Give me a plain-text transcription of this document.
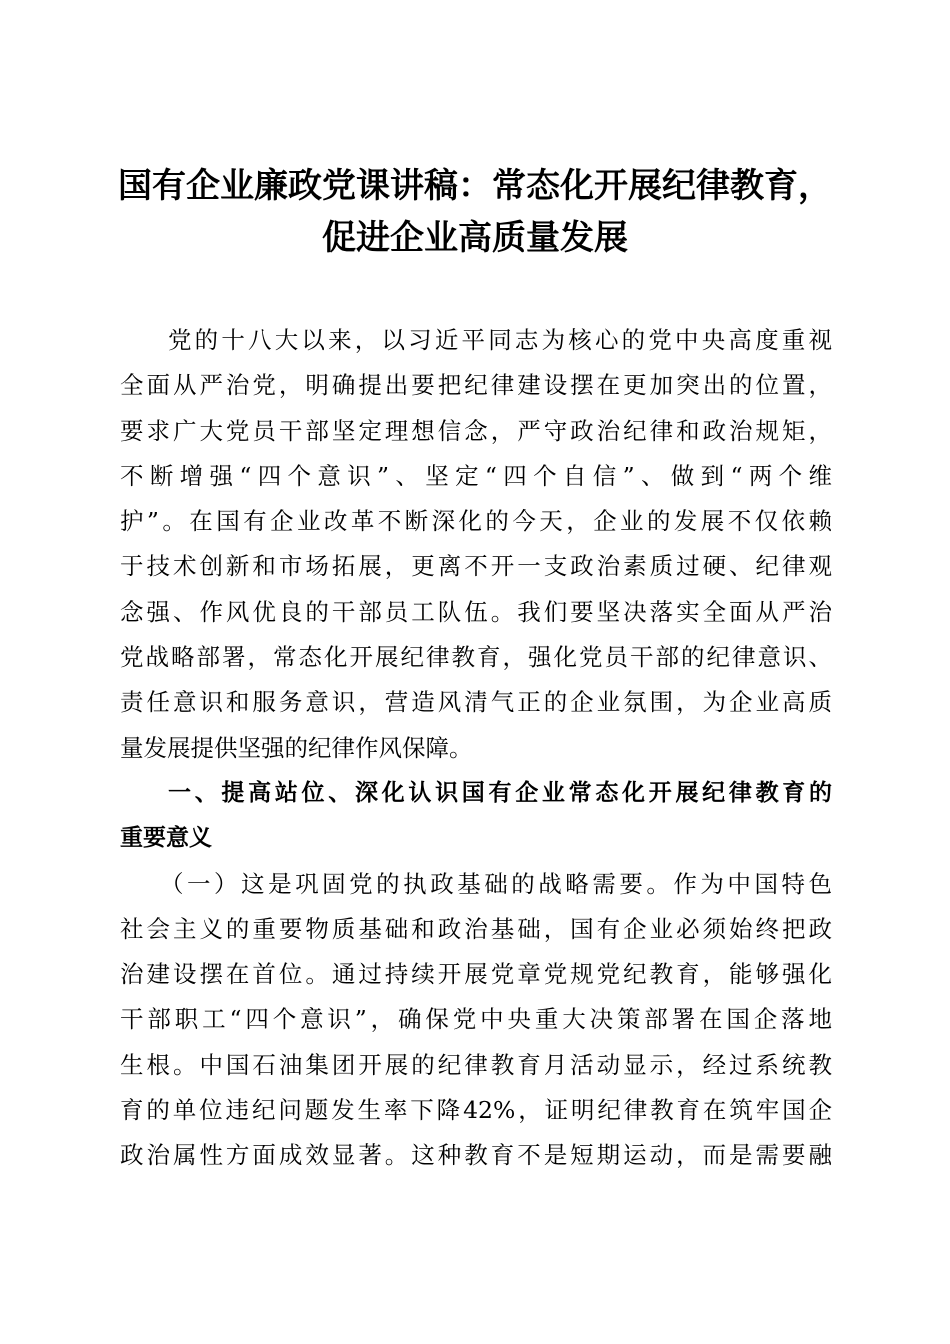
国有企业廉政党课讲稿：常态化开展纪律教育，
促进企业高质量发展
党的十八大以来，以习近平同志为核心的党中央高度重视
全面从严治党，明确提出要把纪律建设摆在更加突出的位置，
要求广大党员干部坚定理想信念，严守政治纪律和政治规矩，
不断增强“四个意识”、坚定“四个自信”、做到“两个维
护”。在国有企业改革不断深化的今天，企业的发展不仅依赖
于技术创新和市场拓展，更离不开一支政治素质过硬、纪律观
念强、作风优良的干部员工队伍。我们要坚决落实全面从严治
党战略部署，常态化开展纪律教育，强化党员干部的纪律意识、
责任意识和服务意识，营造风清气正的企业氛围，为企业高质
量发展提供坚强的纪律作风保障。
一、提高站位、深化认识国有企业常态化开展纪律教育的
重要意义
（一）这是巩固党的执政基础的战略需要。作为中国特色
社会主义的重要物质基础和政治基础，国有企业必须始终把政
治建设摆在首位。通过持续开展党章党规党纪教育，能够强化
干部职工“四个意识”，确保党中央重大决策部署在国企落地
生根。中国石油集团开展的纪律教育月活动显示，经过系统教
育的单位违纪问题发生率下降42%，证明纪律教育在筑牢国企
政治属性方面成效显著。这种教育不是短期运动，而是需要融
